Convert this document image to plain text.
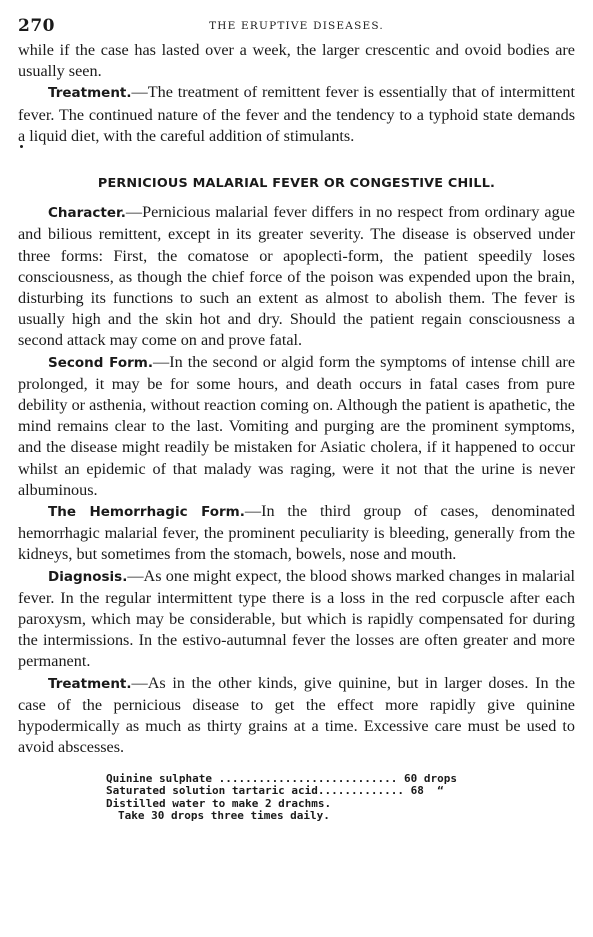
270	THE ERUPTIVE DISEASES.

while if the case has lasted over a week, the larger crescentic and ovoid bodies are usually seen.

Treatment.—The treatment of remittent fever is essentially that of intermittent fever. The continued nature of the fever and the tendency to a typhoid state demands a liquid diet, with the careful addition of stimulants.

PERNICIOUS MALARIAL FEVER OR CONGESTIVE CHILL.

Character.—Pernicious malarial fever differs in no respect from ordinary ague and bilious remittent, except in its greater severity. The disease is observed under three forms: First, the comatose or apoplecti-form, the patient speedily loses consciousness, as though the chief force of the poison was expended upon the brain, disturbing its functions to such an extent as almost to abolish them. The fever is usually high and the skin hot and dry. Should the patient regain consciousness a second attack may come on and prove fatal.

Second Form.—In the second or algid form the symptoms of intense chill are prolonged, it may be for some hours, and death occurs in fatal cases from pure debility or asthenia, without reaction coming on. Although the patient is apathetic, the mind remains clear to the last. Vomiting and purging are the prominent symptoms, and the disease might readily be mistaken for Asiatic cholera, if it happened to occur whilst an epidemic of that malady was raging, were it not that the urine is never albuminous.

The Hemorrhagic Form.—In the third group of cases, denominated hemorrhagic malarial fever, the prominent peculiarity is bleeding, generally from the kidneys, but sometimes from the stomach, bowels, nose and mouth.

Diagnosis.—As one might expect, the blood shows marked changes in malarial fever. In the regular intermittent type there is a loss in the red corpuscle after each paroxysm, which may be considerable, but which is rapidly compensated for during the intermissions. In the estivo-autumnal fever the losses are often greater and more permanent.

Treatment.—As in the other kinds, give quinine, but in larger doses. In the case of the pernicious disease to get the effect more rapidly give quinine hypodermically as much as thirty grains at a time. Excessive care must be used to avoid abscesses.

Quinine sulphate ........................... 60 drops
Saturated solution tartaric acid............. 68  “
Distilled water to make 2 drachms.
Take 30 drops three times daily.
